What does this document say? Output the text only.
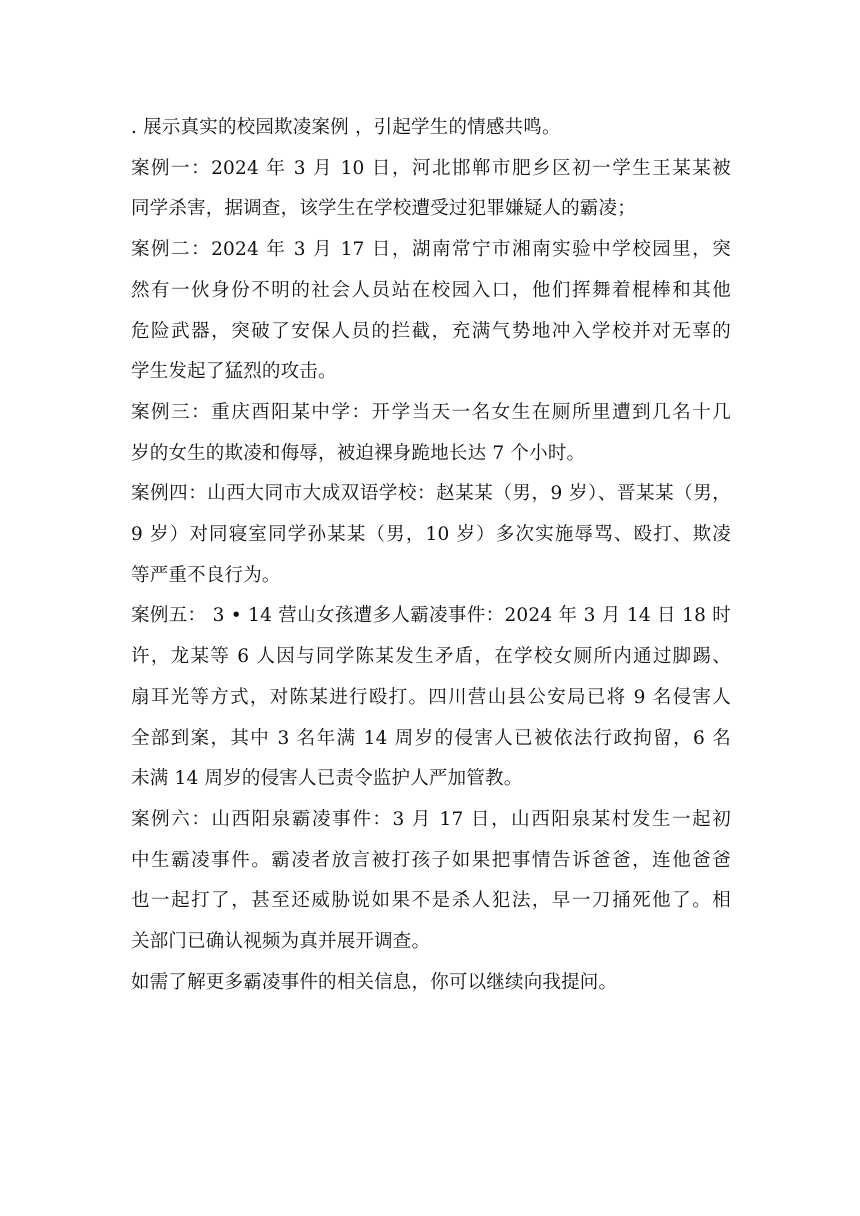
. 展示真实的校园欺凌案例 ，引起学生的情感共鸣。
案例一：2024 年 3 月 10 日，河北邯郸市肥乡区初一学生王某某被
同学杀害，据调查，该学生在学校遭受过犯罪嫌疑人的霸凌；
案例二：2024 年 3 月 17 日，湖南常宁市湘南实验中学校园里，突
然有一伙身份不明的社会人员站在校园入口，他们挥舞着棍棒和其他
危险武器，突破了安保人员的拦截，充满气势地冲入学校并对无辜的
学生发起了猛烈的攻击。
案例三：重庆酉阳某中学：开学当天一名女生在厕所里遭到几名十几
岁的女生的欺凌和侮辱，被迫裸身跪地长达 7 个小时。
案例四：山西大同市大成双语学校：赵某某（男，9 岁）、晋某某（男，
9 岁）对同寝室同学孙某某（男，10 岁）多次实施辱骂、殴打、欺凌
等严重不良行为。
案例五： 3 • 14 营山女孩遭多人霸凌事件：2024 年 3 月 14 日 18 时
许，龙某等 6 人因与同学陈某发生矛盾，在学校女厕所内通过脚踢、
扇耳光等方式，对陈某进行殴打。四川营山县公安局已将 9 名侵害人
全部到案，其中 3 名年满 14 周岁的侵害人已被依法行政拘留，6 名
未满 14 周岁的侵害人已责令监护人严加管教。
案例六：山西阳泉霸凌事件：3 月 17 日，山西阳泉某村发生一起初
中生霸凌事件。霸凌者放言被打孩子如果把事情告诉爸爸，连他爸爸
也一起打了，甚至还威胁说如果不是杀人犯法，早一刀捅死他了。相
关部门已确认视频为真并展开调查。
如需了解更多霸凌事件的相关信息，你可以继续向我提问。
